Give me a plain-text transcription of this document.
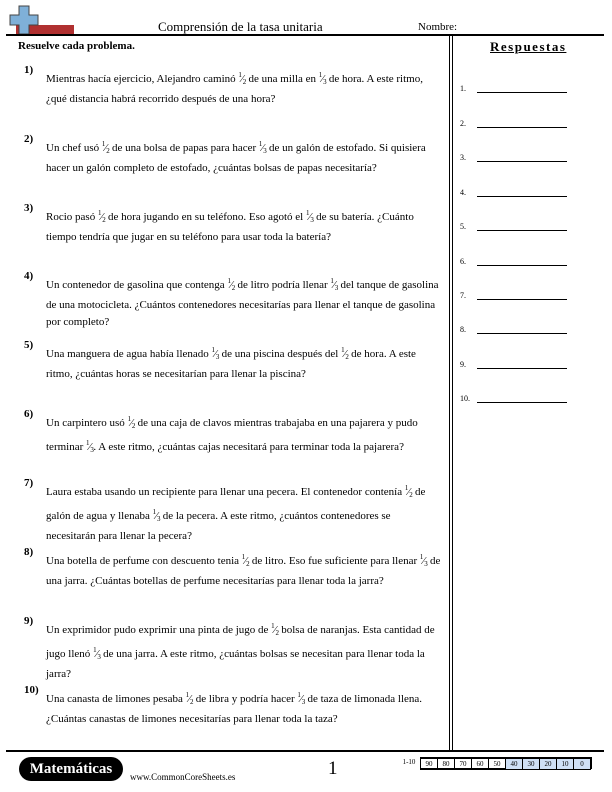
Comprensión de la tasa unitaria	Nombre:
Resuelve cada problema.	Respuestas
1)
Mientras hacía ejercicio, Alejandro caminó $^1⁄_2$ de una milla en $^1⁄_3$ de hora. A este ritmo, ¿qué distancia habrá recorrido después de una hora?
2)
Un chef usó $^1⁄_2$ de una bolsa de papas para hacer $^1⁄_3$ de un galón de estofado. Si quisiera hacer un galón completo de estofado, ¿cuántas bolsas de papas necesitaría?
3)
Rocio pasó $^1⁄_2$ de hora jugando en su teléfono. Eso agotó el $^1⁄_3$ de su batería. ¿Cuánto tiempo tendría que jugar en su teléfono para usar toda la batería?
4)
Un contenedor de gasolina que contenga $^1⁄_2$ de litro podría llenar $^1⁄_3$ del tanque de gasolina de una motocicleta. ¿Cuántos contenedores necesitarías para llenar el tanque de gasolina por completo?
5)
Una manguera de agua había llenado $^1⁄_3$ de una piscina después del $^1⁄_2$ de hora. A este ritmo, ¿cuántas horas se necesitarían para llenar la piscina?
6)
Un carpintero usó $^1⁄_2$ de una caja de clavos mientras trabajaba en una pajarera y pudo terminar $^1⁄_3$. A este ritmo, ¿cuántas cajas necesitará para terminar toda la pajarera?
7)
Laura estaba usando un recipiente para llenar una pecera. El contenedor contenía $^1⁄_2$ de galón de agua y llenaba $^1⁄_3$ de la pecera. A este ritmo, ¿cuántos contenedores se necesitarán para llenar la pecera?
8)
Una botella de perfume con descuento tenia $^1⁄_2$ de litro. Eso fue suficiente para llenar $^1⁄_3$ de una jarra. ¿Cuántas botellas de perfume necesitarías para llenar toda la jarra?
9)
Un exprimidor pudo exprimir una pinta de jugo de $^1⁄_2$ bolsa de naranjas. Esta cantidad de jugo llenó $^1⁄_3$ de una jarra. A este ritmo, ¿cuántas bolsas se necesitan para llenar toda la jarra?
10)
Una canasta de limones pesaba $^1⁄_2$ de libra y podría hacer $^1⁄_3$ de taza de limonada llena. ¿Cuántas canastas de limones necesitarías para llenar toda la taza?
1.
2.
3.
4.
5.
6.
7.
8.
9.
10.
Matemáticas	www.CommonCoreSheets.es	1	1-10	90	80	70	60	50	40	30	20	10	0
